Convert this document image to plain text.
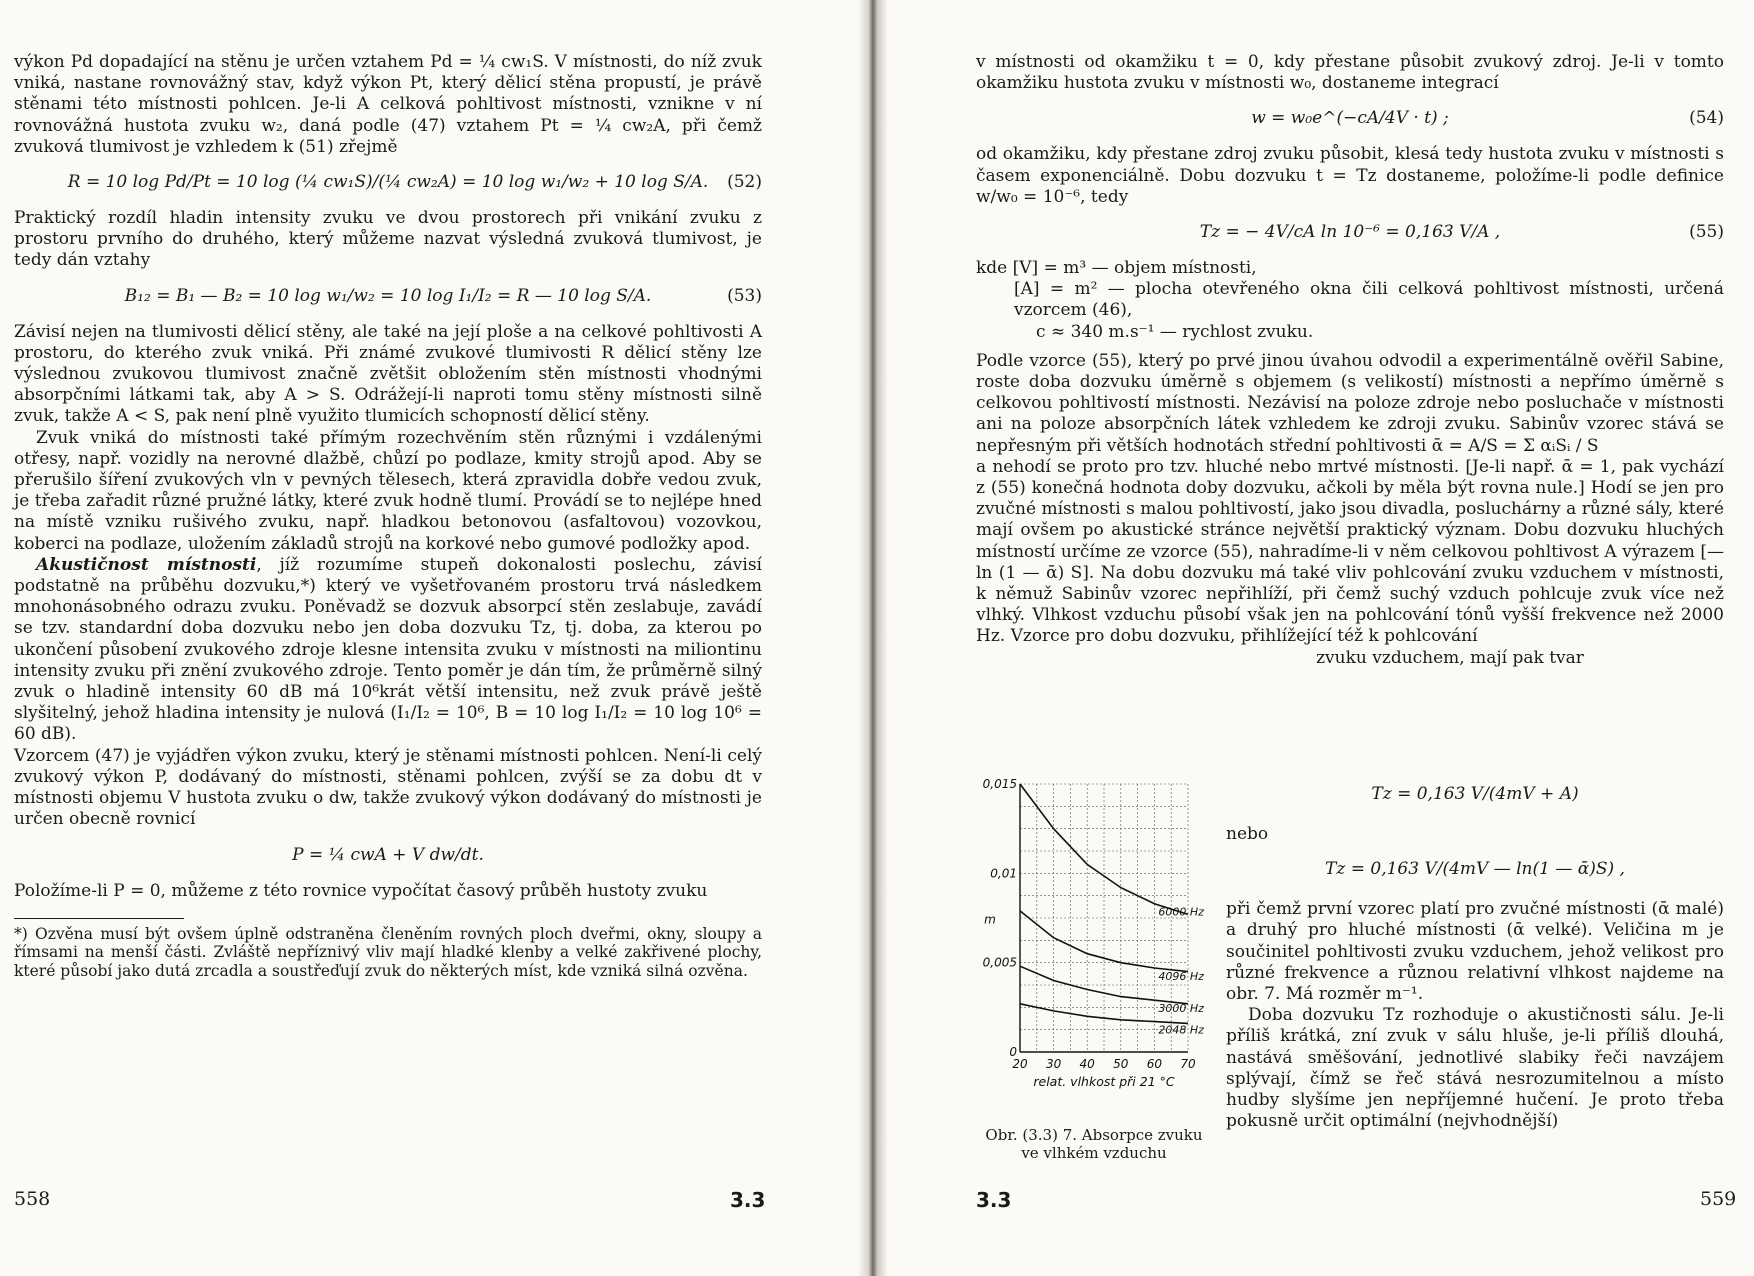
výkon Pd dopadající na stěnu je určen vztahem Pd = ¼ cw₁S. V místnosti, do níž zvuk vniká, nastane rovnovážný stav, když výkon Pt, který dělicí stěna propustí, je právě stěnami této místnosti pohlcen. Je-li A celková pohltivost místnosti, vznikne v ní rovnovážná hustota zvuku w₂, daná podle (47) vztahem Pt = ¼ cw₂A, při čemž zvuková tlumivost je vzhledem k (51) zřejmě

R = 10 log Pd/Pt = 10 log (¼ cw₁S)/(¼ cw₂A) = 10 log w₁/w₂ + 10 log S/A. (52)

Praktický rozdíl hladin intensity zvuku ve dvou prostorech při vnikání zvuku z prostoru prvního do druhého, který můžeme nazvat výsledná zvuková tlumivost, je tedy dán vztahy

B₁₂ = B₁ — B₂ = 10 log w₁/w₂ = 10 log I₁/I₂ = R — 10 log S/A.	(53)

Závisí nejen na tlumivosti dělicí stěny, ale také na její ploše a na celkové pohltivosti A prostoru, do kterého zvuk vniká. Při známé zvukové tlumivosti R dělicí stěny lze výslednou zvukovou tlumivost značně zvětšit obložením stěn místnosti vhodnými absorpčními látkami tak, aby A > S. Odrážejí-li naproti tomu stěny místnosti silně zvuk, takže A < S, pak není plně využito tlumicích schopností dělicí stěny.

Zvuk vniká do místnosti také přímým rozechvěním stěn různými i vzdálenými otřesy, např. vozidly na nerovné dlažbě, chůzí po podlaze, kmity strojů apod. Aby se přerušilo šíření zvukových vln v pevných tělesech, která zpravidla dobře vedou zvuk, je třeba zařadit různé pružné látky, které zvuk hodně tlumí. Provádí se to nejlépe hned na místě vzniku rušivého zvuku, např. hladkou betonovou (asfaltovou) vozovkou, koberci na podlaze, uložením základů strojů na korkové nebo gumové podložky apod.

Akustičnost místnosti, jíž rozumíme stupeň dokonalosti poslechu, závisí podstatně na průběhu dozvuku,*) který ve vyšetřovaném prostoru trvá následkem mnohonásobného odrazu zvuku. Poněvadž se dozvuk absorpcí stěn zeslabuje, zavádí se tzv. standardní doba dozvuku nebo jen doba dozvuku Tz, tj. doba, za kterou po ukončení působení zvukového zdroje klesne intensita zvuku v místnosti na miliontinu intensity zvuku při znění zvukového zdroje. Tento poměr je dán tím, že průměrně silný zvuk o hladině intensity 60 dB má 10⁶krát větší intensitu, než zvuk právě ještě slyšitelný, jehož hladina intensity je nulová (I₁/I₂ = 10⁶, B = 10 log I₁/I₂ = 10 log 10⁶ = 60 dB).

Vzorcem (47) je vyjádřen výkon zvuku, který je stěnami místnosti pohlcen. Není-li celý zvukový výkon P, dodávaný do místnosti, stěnami pohlcen, zvýší se za dobu dt v místnosti objemu V hustota zvuku o dw, takže zvukový výkon dodávaný do místnosti je určen obecně rovnicí

P = ¼ cwA + V dw/dt.

Položíme-li P = 0, můžeme z této rovnice vypočítat časový průběh hustoty zvuku

*) Ozvěna musí být ovšem úplně odstraněna členěním rovných ploch dveřmi, okny, sloupy a římsami na menší části. Zvláště nepříznivý vliv mají hladké klenby a velké zakřivené plochy, které působí jako dutá zrcadla a soustřeďují zvuk do některých míst, kde vzniká silná ozvěna.

558	3.3

v místnosti od okamžiku t = 0, kdy přestane působit zvukový zdroj. Je-li v tomto okamžiku hustota zvuku v místnosti w₀, dostaneme integrací

w = w₀e^(−cA/4V · t) ;	(54)

od okamžiku, kdy přestane zdroj zvuku působit, klesá tedy hustota zvuku v místnosti s časem exponenciálně. Dobu dozvuku t = Tz dostaneme, položíme-li podle definice w/w₀ = 10⁻⁶, tedy

Tz = − 4V/cA ln 10⁻⁶ = 0,163 V/A ,	(55)

kde [V] = m³ — objem místnosti,

[A] = m² — plocha otevřeného okna čili celková pohltivost místnosti, určená vzorcem (46),

c ≈ 340 m.s⁻¹ — rychlost zvuku.

Podle vzorce (55), který po prvé jinou úvahou odvodil a experimentálně ověřil Sabine, roste doba dozvuku úměrně s objemem (s velikostí) místnosti a nepřímo úměrně s celkovou pohltivostí místnosti. Nezávisí na poloze zdroje nebo posluchače v místnosti ani na poloze absorpčních látek vzhledem ke zdroji zvuku. Sabinův vzorec stává se nepřesným při větších hodnotách střední pohltivosti ᾱ = A/S = Σ αᵢSᵢ / S

a nehodí se proto pro tzv. hluché nebo mrtvé místnosti. [Je-li např. ᾱ = 1, pak vychází z (55) konečná hodnota doby dozvuku, ačkoli by měla být rovna nule.] Hodí se jen pro zvučné místnosti s malou pohltivostí, jako jsou divadla, posluchárny a různé sály, které mají ovšem po akustické stránce největší praktický význam. Dobu dozvuku hluchých místností určíme ze vzorce (55), nahradíme-li v něm celkovou pohltivost A výrazem [—ln (1 — ᾱ) S]. Na dobu dozvuku má také vliv pohlcování zvuku vzduchem v místnosti, k němuž Sabinův vzorec nepřihlíží, při čemž suchý vzduch pohlcuje zvuk více než vlhký. Vlhkost vzduchu působí však jen na pohlcování tónů vyšší frekvence než 2000 Hz. Vzorce pro dobu dozvuku, přihlížející též k pohlcování

zvuku vzduchem, mají pak tvar

0
0,005
0,01
0,015
20 30 40 50 60 70
m
relat. vlhkost při 21 °C
6000 Hz
4096 Hz
3000 Hz
2048 Hz
Obr. (3.3) 7. Absorpce zvuku
ve vlhkém vzduchu
Tz = 0,163 V/(4mV + A)

nebo

Tz = 0,163 V/(4mV — ln(1 — ᾱ)S) ,

při čemž první vzorec platí pro zvučné místnosti (ᾱ malé) a druhý pro hluché místnosti (ᾱ velké). Veličina m je součinitel pohltivosti zvuku vzduchem, jehož velikost pro různé frekvence a různou relativní vlhkost najdeme na obr. 7. Má rozměr m⁻¹.

Doba dozvuku Tz rozhoduje o akustičnosti sálu. Je-li příliš krátká, zní zvuk v sálu hluše, je-li příliš dlouhá, nastává směšování, jednotlivé slabiky řeči navzájem splývají, čímž se řeč stává nesrozumitelnou a místo hudby slyšíme jen nepříjemné hučení. Je proto třeba pokusně určit optimální (nejvhodnější)

3.3	559
